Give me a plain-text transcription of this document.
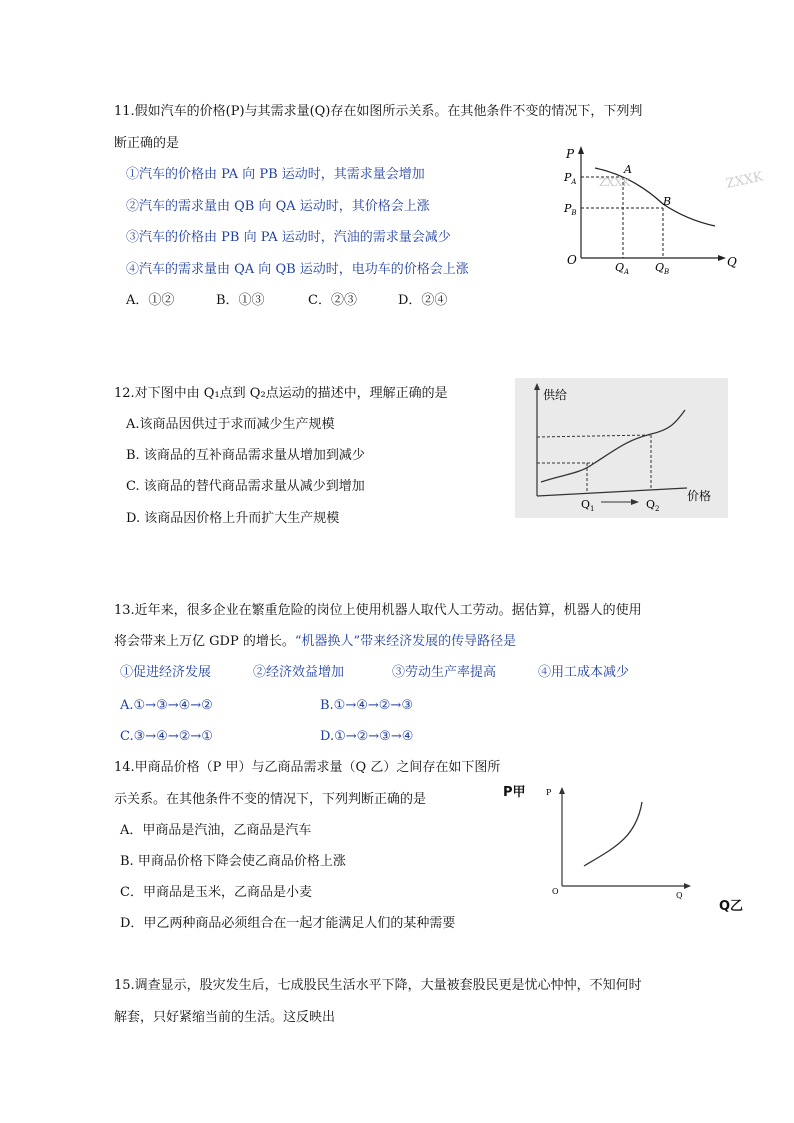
11.假如汽车的价格(P)与其需求量(Q)存在如图所示关系。在其他条件不变的情况下，下列判
断正确的是
①汽车的价格由 PA 向 PB 运动时，其需求量会增加
②汽车的需求量由 QB 向 QA 运动时，其价格会上涨
③汽车的价格由 PB 向 PA 运动时，汽油的需求量会减少
④汽车的需求量由 QA 向 QB 运动时，电功车的价格会上涨
A．①②	B．①③	C．②③	D．②④
P
Q
O
$P_A$
$P_B$
$Q_A$ $Q_B$
A
B
ZXXK	ZXXK
12.对下图中由 Q₁点到 Q₂点运动的描述中，理解正确的是
A.该商品因供过于求而减少生产规模
B. 该商品的互补商品需求量从增加到减少
C. 该商品的替代商品需求量从减少到增加
D. 该商品因价格上升而扩大生产规模
供给
价格
$Q_1$	$Q_2$
13.近年来，很多企业在繁重危险的岗位上使用机器人取代人工劳动。据估算，机器人的使用
将会带来上万亿 GDP 的增长。“机器换人”带来经济发展的传导路径是
①促进经济发展	②经济效益增加	③劳动生产率提高	④用工成本减少
A.①→③→④→②	B.①→④→②→③
C.③→④→②→①	D.①→②→③→④
14.甲商品价格（P 甲）与乙商品需求量（Q 乙）之间存在如下图所
示关系。在其他条件不变的情况下，下列判断正确的是
A．甲商品是汽油，乙商品是汽车
B. 甲商品价格下降会使乙商品价格上涨
C．甲商品是玉米，乙商品是小麦
D．甲乙两种商品必须组合在一起才能满足人们的某种需要
P甲
Q乙
P
Q
O
15.调查显示，股灾发生后，七成股民生活水平下降，大量被套股民更是忧心忡忡，不知何时
解套，只好紧缩当前的生活。这反映出
